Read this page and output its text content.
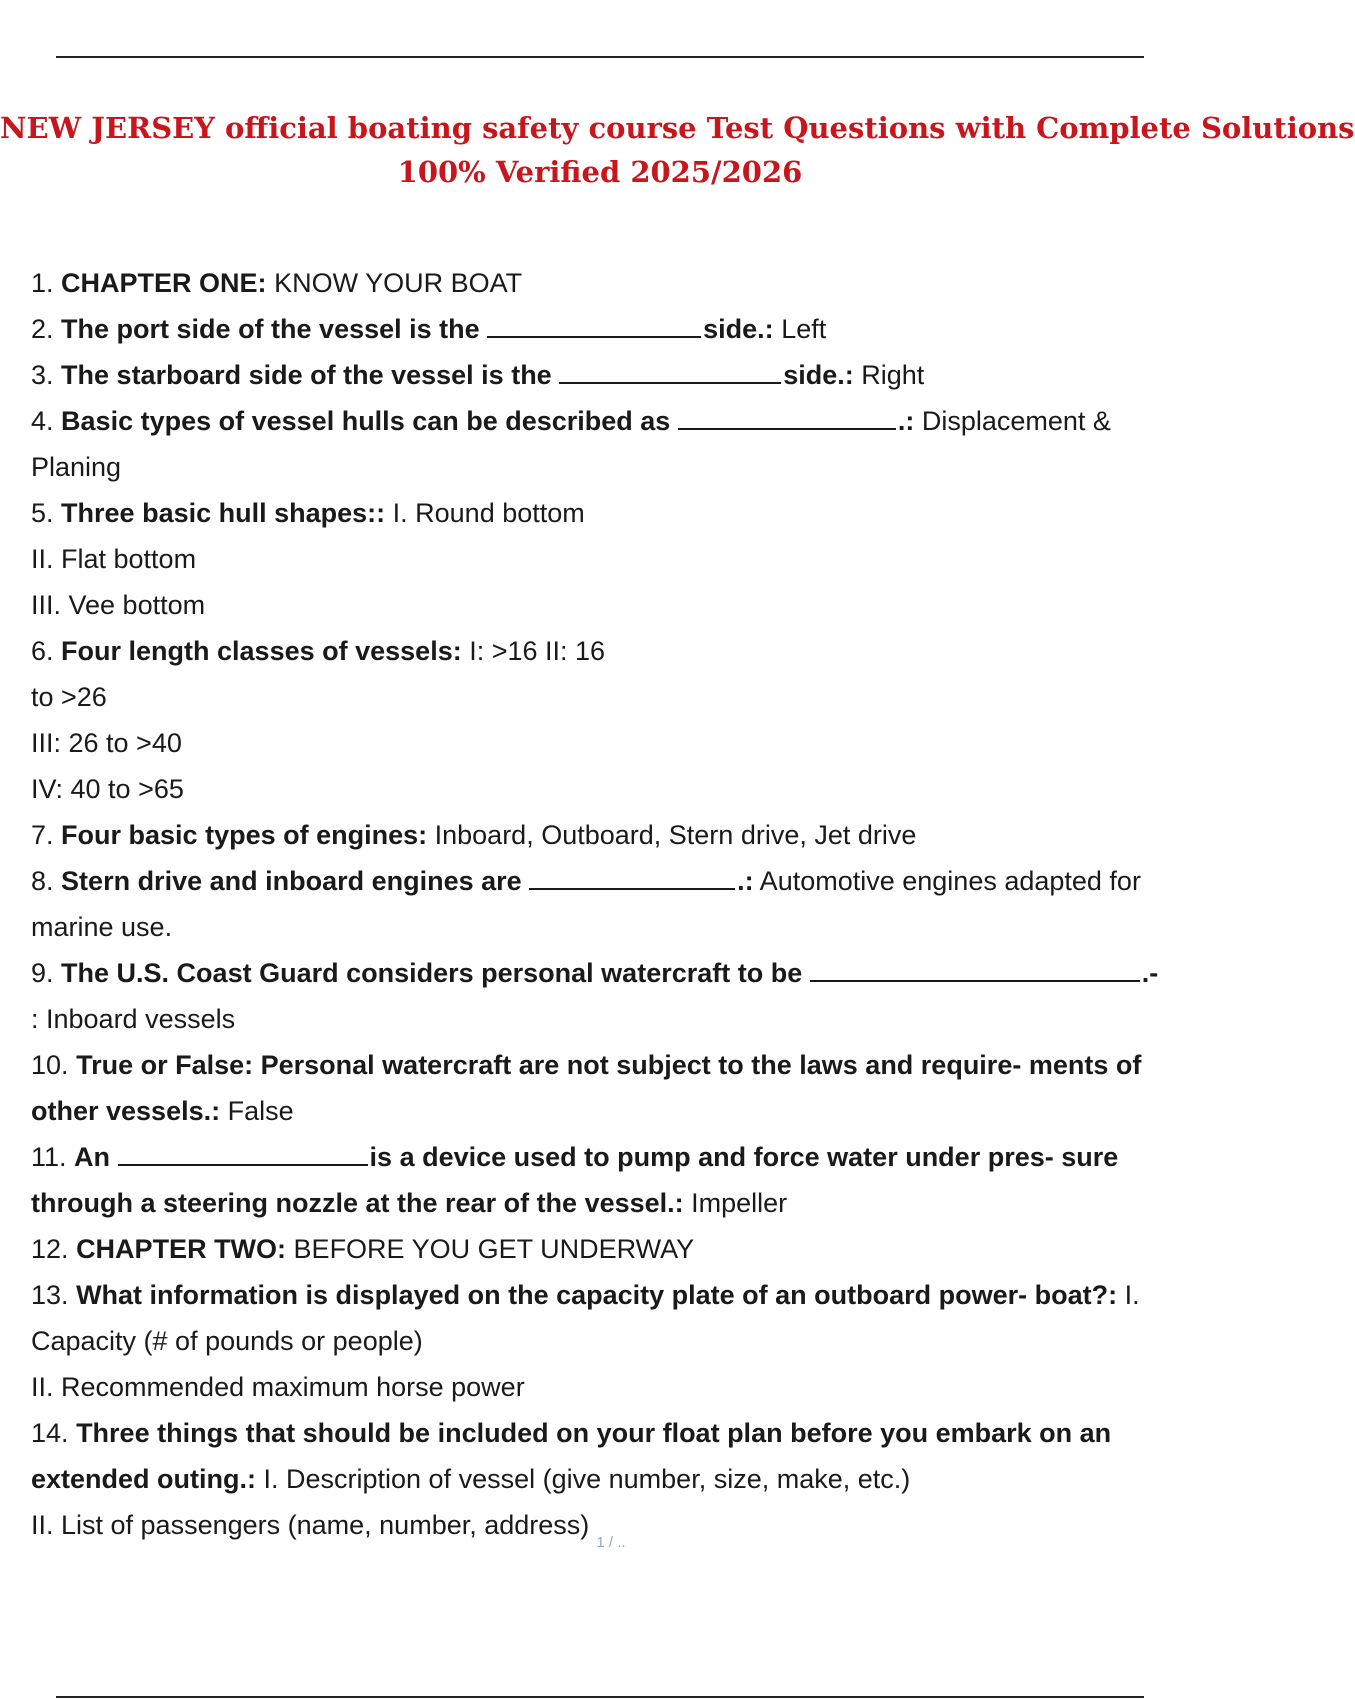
NEW JERSEY official boating safety course Test Questions with Complete Solutions
100% Verified 2025/2026
1. CHAPTER ONE: KNOW YOUR BOAT
2. The port side of the vessel is the	side.: Left
3. The starboard side of the vessel is the	side.: Right
4. Basic types of vessel hulls can be described as	.: Displacement &
Planing
5. Three basic hull shapes:: I. Round bottom
II. Flat bottom
III. Vee bottom
6. Four length classes of vessels: I: >16 II: 16
to >26
III: 26 to >40
IV: 40 to >65
7. Four basic types of engines: Inboard, Outboard, Stern drive, Jet drive
8. Stern drive and inboard engines are	.: Automotive engines adapted for
marine use.
9. The U.S. Coast Guard considers personal watercraft to be	.-
: Inboard vessels
10. True or False: Personal watercraft are not subject to the laws and require- ments of
other vessels.: False
11. An	is a device used to pump and force water under pres- sure
through a steering nozzle at the rear of the vessel.: Impeller
12. CHAPTER TWO: BEFORE YOU GET UNDERWAY
13. What information is displayed on the capacity plate of an outboard power- boat?: I.
Capacity (# of pounds or people)
II. Recommended maximum horse power
14. Three things that should be included on your float plan before you embark on an
extended outing.: I. Description of vessel (give number, size, make, etc.)
II. List of passengers (name, number, address)
1 / ..
